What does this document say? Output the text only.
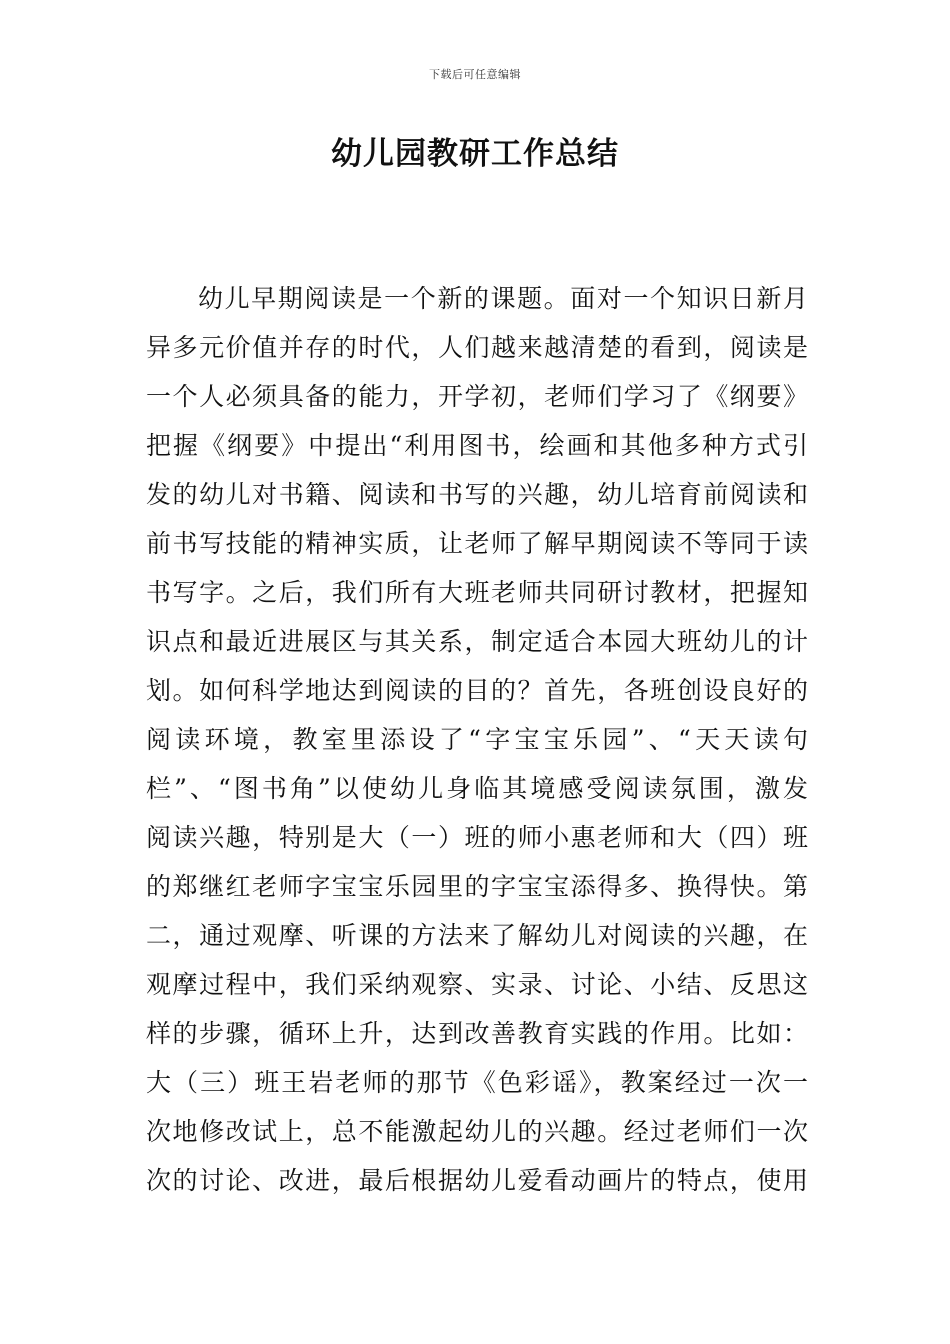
下载后可任意编辑
幼儿园教研工作总结
幼儿早期阅读是一个新的课题。面对一个知识日新月
异多元价值并存的时代，人们越来越清楚的看到，阅读是
一个人必须具备的能力，开学初，老师们学习了《纲要》
把握《纲要》中提出“利用图书，绘画和其他多种方式引
发的幼儿对书籍、阅读和书写的兴趣，幼儿培育前阅读和
前书写技能的精神实质，让老师了解早期阅读不等同于读
书写字。之后，我们所有大班老师共同研讨教材，把握知
识点和最近进展区与其关系，制定适合本园大班幼儿的计
划。如何科学地达到阅读的目的？首先，各班创设良好的
阅读环境，教室里添设了“字宝宝乐园”、“天天读句
栏”、“图书角”以使幼儿身临其境感受阅读氛围，激发
阅读兴趣，特别是大（一）班的师小惠老师和大（四）班
的郑继红老师字宝宝乐园里的字宝宝添得多、换得快。第
二，通过观摩、听课的方法来了解幼儿对阅读的兴趣，在
观摩过程中，我们采纳观察、实录、讨论、小结、反思这
样的步骤，循环上升，达到改善教育实践的作用。比如：
大（三）班王岩老师的那节《色彩谣》，教案经过一次一
次地修改试上，总不能激起幼儿的兴趣。经过老师们一次
次的讨论、改进，最后根据幼儿爱看动画片的特点，使用
